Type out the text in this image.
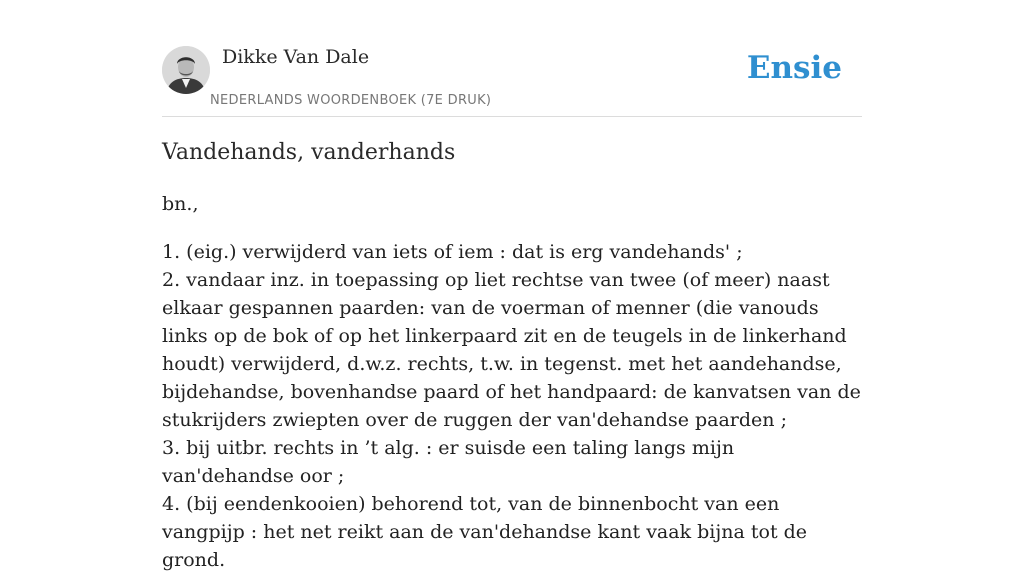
Dikke Van Dale
NEDERLANDS WOORDENBOEK (7E DRUK)
Ensie
Vandehands, vanderhands

bn.,

1. (eig.) verwijderd van iets of iem : dat is erg vandehands' ;
2. vandaar inz. in toepassing op liet rechtse van twee (of meer) naast elkaar gespannen paarden: van de voerman of menner (die vanouds links op de bok of op het linkerpaard zit en de teugels in de linkerhand houdt) verwijderd, d.w.z. rechts, t.w. in tegenst. met het aandehandse, bijdehandse, bovenhandse paard of het handpaard: de kanvatsen van de stukrijders zwiepten over de ruggen der van'dehandse paarden ;
3. bij uitbr. rechts in ’t alg. : er suisde een taling langs mijn van'dehandse oor ;
4. (bij eendenkooien) behorend tot, van de binnenbocht van een vangpijp : het net reikt aan de van'dehandse kant vaak bijna tot de grond.
